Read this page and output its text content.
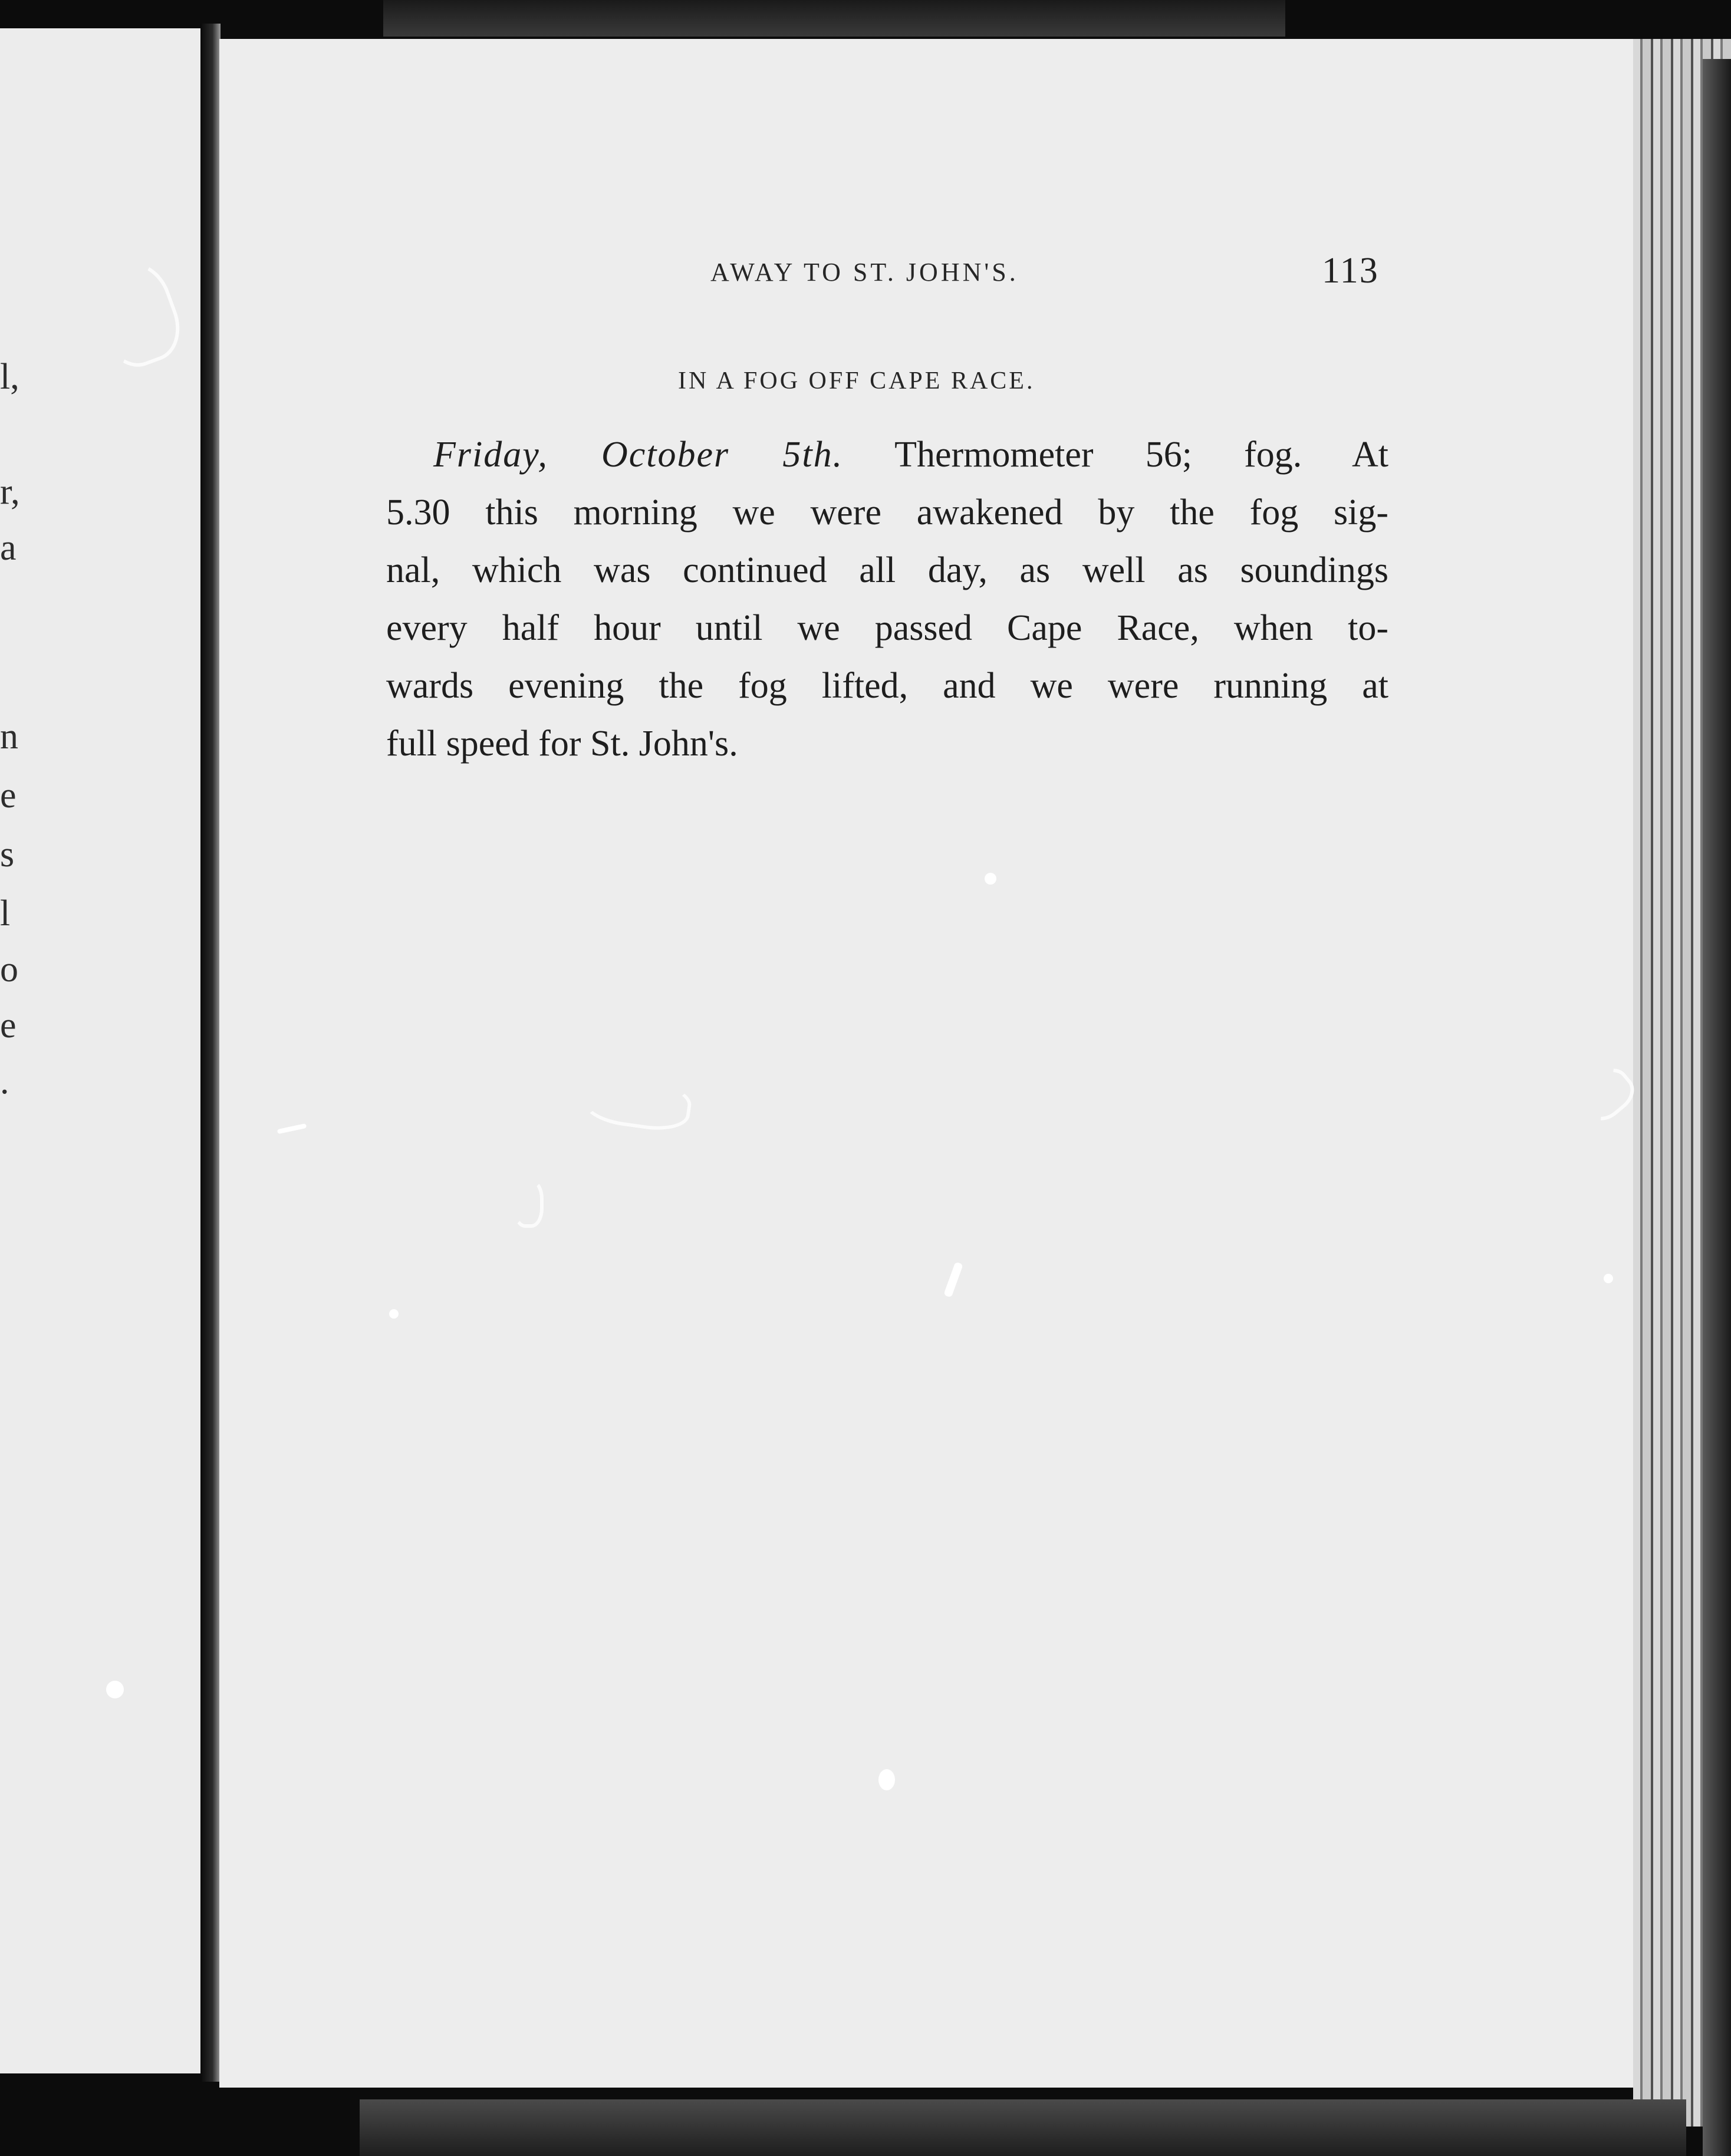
l,
r,
a
n
e
s
l
o
e
.
AWAY TO ST. JOHN'S.	113
IN A FOG OFF CAPE RACE.
Friday, October 5th. Thermometer 56; fog. At
5.30 this morning we were awakened by the fog sig-
nal, which was continued all day, as well as soundings
every half hour until we passed Cape Race, when to-
wards evening the fog lifted, and we were running at
full speed for St. John's.
